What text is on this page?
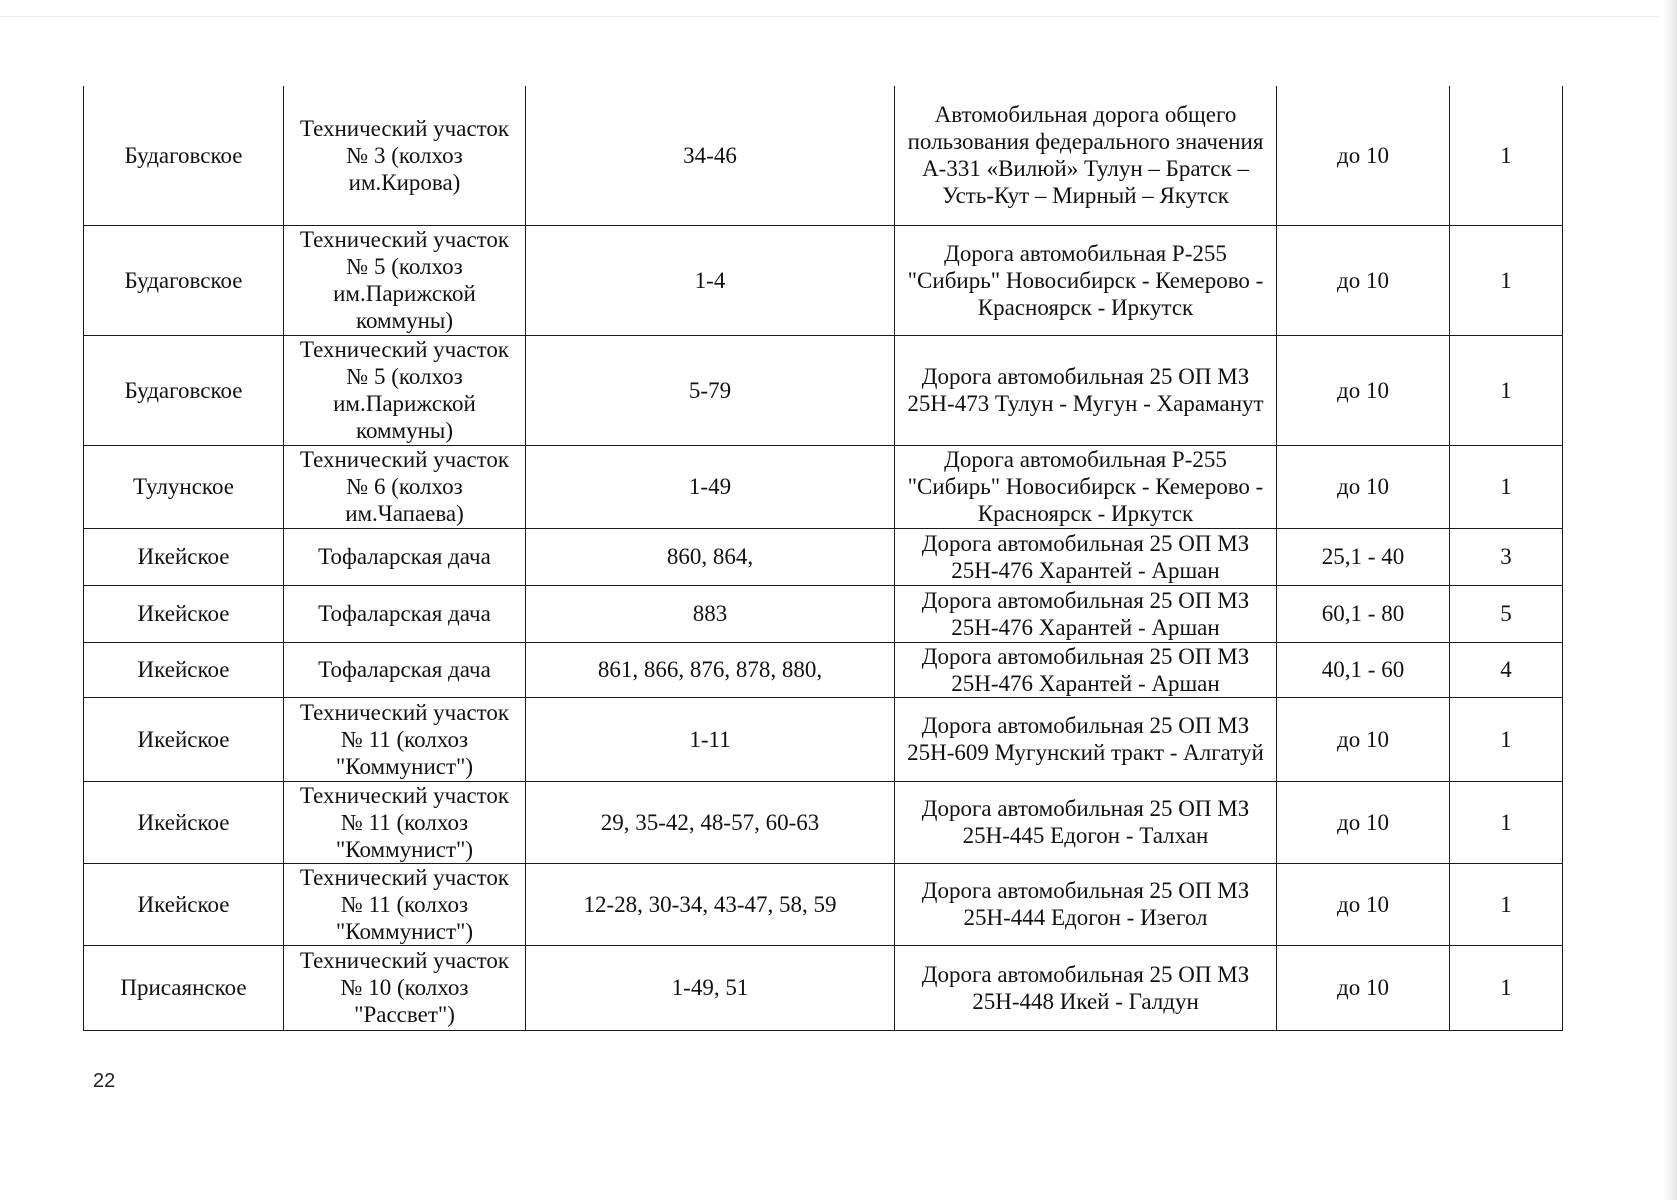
Будаговское	Технический участок № 3 (колхоз им.Кирова)	34-46	Автомобильная дорога общего пользования федерального значения А-331 «Вилюй» Тулун – Братск – Усть-Кут – Мирный – Якутск	до 10	1
Будаговское	Технический участок № 5 (колхоз им.Парижской коммуны)	1-4	Дорога автомобильная Р-255 "Сибирь" Новосибирск - Кемерово - Красноярск - Иркутск	до 10	1
Будаговское	Технический участок № 5 (колхоз им.Парижской коммуны)	5-79	Дорога автомобильная 25 ОП МЗ 25Н-473 Тулун - Мугун - Хараманут	до 10	1
Тулунское	Технический участок № 6 (колхоз им.Чапаева)	1-49	Дорога автомобильная Р-255 "Сибирь" Новосибирск - Кемерово - Красноярск - Иркутск	до 10	1
Икейское	Тофаларская дача	860, 864,	Дорога автомобильная 25 ОП МЗ 25Н-476 Харантей - Аршан	25,1 - 40	3
Икейское	Тофаларская дача	883	Дорога автомобильная 25 ОП МЗ 25Н-476 Харантей - Аршан	60,1 - 80	5
Икейское	Тофаларская дача	861, 866, 876, 878, 880,	Дорога автомобильная 25 ОП МЗ 25Н-476 Харантей - Аршан	40,1 - 60	4
Икейское	Технический участок № 11 (колхоз "Коммунист")	1-11	Дорога автомобильная 25 ОП МЗ 25Н-609 Мугунский тракт - Алгатуй	до 10	1
Икейское	Технический участок № 11 (колхоз "Коммунист")	29, 35-42, 48-57, 60-63	Дорога автомобильная 25 ОП МЗ 25Н-445 Едогон - Талхан	до 10	1
Икейское	Технический участок № 11 (колхоз "Коммунист")	12-28, 30-34, 43-47, 58, 59	Дорога автомобильная 25 ОП МЗ 25Н-444 Едогон - Изегол	до 10	1
Присаянское	Технический участок № 10 (колхоз "Рассвет")	1-49, 51	Дорога автомобильная 25 ОП МЗ 25Н-448 Икей - Галдун	до 10	1
22
